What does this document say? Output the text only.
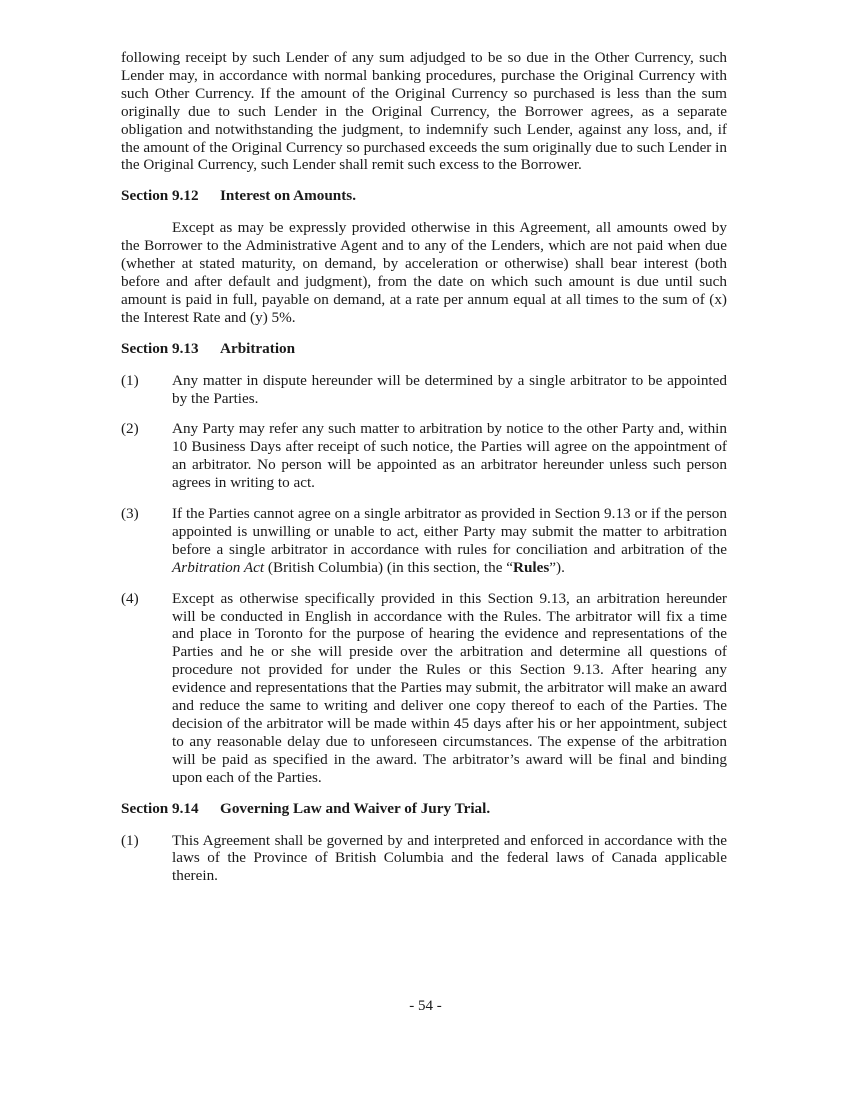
following receipt by such Lender of any sum adjudged to be so due in the Other Currency, such Lender may, in accordance with normal banking procedures, purchase the Original Currency with such Other Currency. If the amount of the Original Currency so purchased is less than the sum originally due to such Lender in the Original Currency, the Borrower agrees, as a separate obligation and notwithstanding the judgment, to indemnify such Lender, against any loss, and, if the amount of the Original Currency so purchased exceeds the sum originally due to such Lender in the Original Currency, such Lender shall remit such excess to the Borrower.

Section 9.12 Interest on Amounts.

Except as may be expressly provided otherwise in this Agreement, all amounts owed by the Borrower to the Administrative Agent and to any of the Lenders, which are not paid when due (whether at stated maturity, on demand, by acceleration or otherwise) shall bear interest (both before and after default and judgment), from the date on which such amount is due until such amount is paid in full, payable on demand, at a rate per annum equal at all times to the sum of (x) the Interest Rate and (y) 5%.

Section 9.13 Arbitration

(1) Any matter in dispute hereunder will be determined by a single arbitrator to be appointed by the Parties.
(2) Any Party may refer any such matter to arbitration by notice to the other Party and, within 10 Business Days after receipt of such notice, the Parties will agree on the appointment of an arbitrator. No person will be appointed as an arbitrator hereunder unless such person agrees in writing to act.
(3) If the Parties cannot agree on a single arbitrator as provided in Section 9.13 or if the person appointed is unwilling or unable to act, either Party may submit the matter to arbitration before a single arbitrator in accordance with rules for conciliation and arbitration of the Arbitration Act (British Columbia) (in this section, the “Rules”).
(4) Except as otherwise specifically provided in this Section 9.13, an arbitration hereunder will be conducted in English in accordance with the Rules. The arbitrator will fix a time and place in Toronto for the purpose of hearing the evidence and representations of the Parties and he or she will preside over the arbitration and determine all questions of procedure not provided for under the Rules or this Section 9.13. After hearing any evidence and representations that the Parties may submit, the arbitrator will make an award and reduce the same to writing and deliver one copy thereof to each of the Parties. The decision of the arbitrator will be made within 45 days after his or her appointment, subject to any reasonable delay due to unforeseen circumstances. The expense of the arbitration will be paid as specified in the award. The arbitrator’s award will be final and binding upon each of the Parties.

Section 9.14 Governing Law and Waiver of Jury Trial.

(1) This Agreement shall be governed by and interpreted and enforced in accordance with the laws of the Province of British Columbia and the federal laws of Canada applicable therein.
- 54 -
